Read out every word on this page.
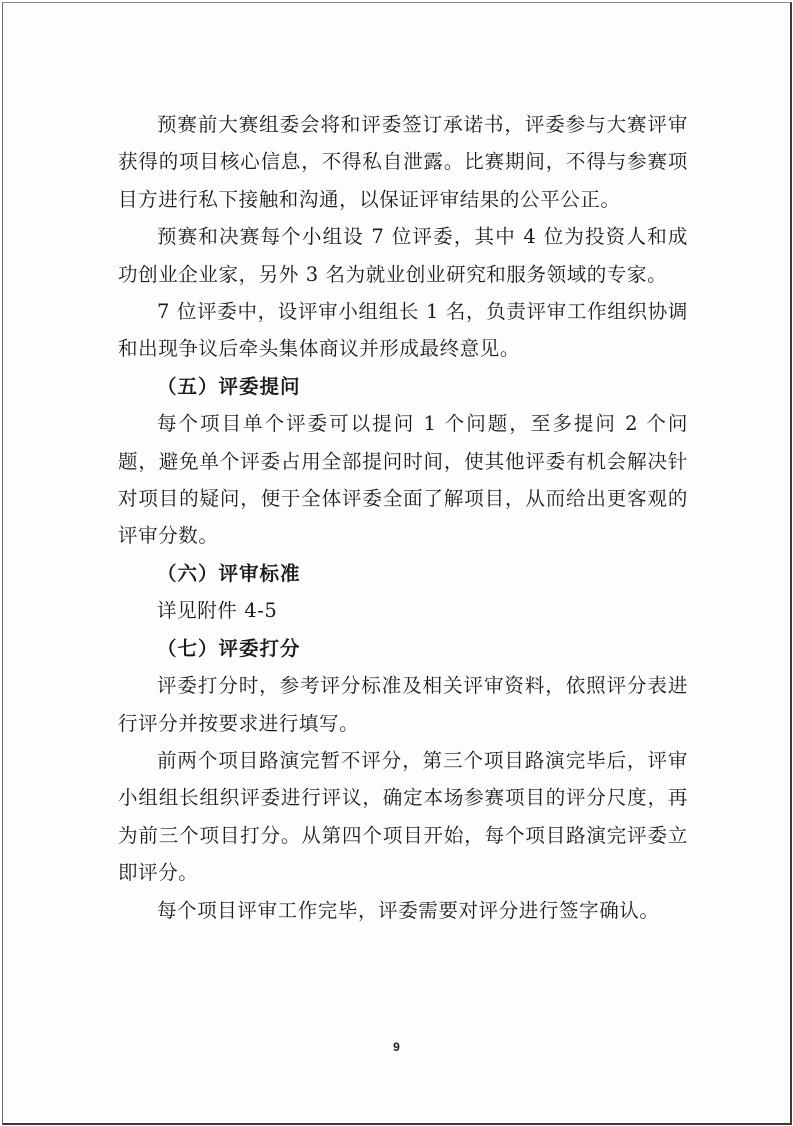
预赛前大赛组委会将和评委签订承诺书，评委参与大赛评审获得的项目核心信息，不得私自泄露。比赛期间，不得与参赛项目方进行私下接触和沟通，以保证评审结果的公平公正。

预赛和决赛每个小组设 7 位评委，其中 4 位为投资人和成功创业企业家，另外 3 名为就业创业研究和服务领域的专家。

7 位评委中，设评审小组组长 1 名，负责评审工作组织协调和出现争议后牵头集体商议并形成最终意见。

（五）评委提问

每个项目单个评委可以提问 1 个问题，至多提问 2 个问题，避免单个评委占用全部提问时间，使其他评委有机会解决针对项目的疑问，便于全体评委全面了解项目，从而给出更客观的评审分数。

（六）评审标准

详见附件 4-5

（七）评委打分

评委打分时，参考评分标准及相关评审资料，依照评分表进行评分并按要求进行填写。

前两个项目路演完暂不评分，第三个项目路演完毕后，评审小组组长组织评委进行评议，确定本场参赛项目的评分尺度，再为前三个项目打分。从第四个项目开始，每个项目路演完评委立即评分。

每个项目评审工作完毕，评委需要对评分进行签字确认。

9
